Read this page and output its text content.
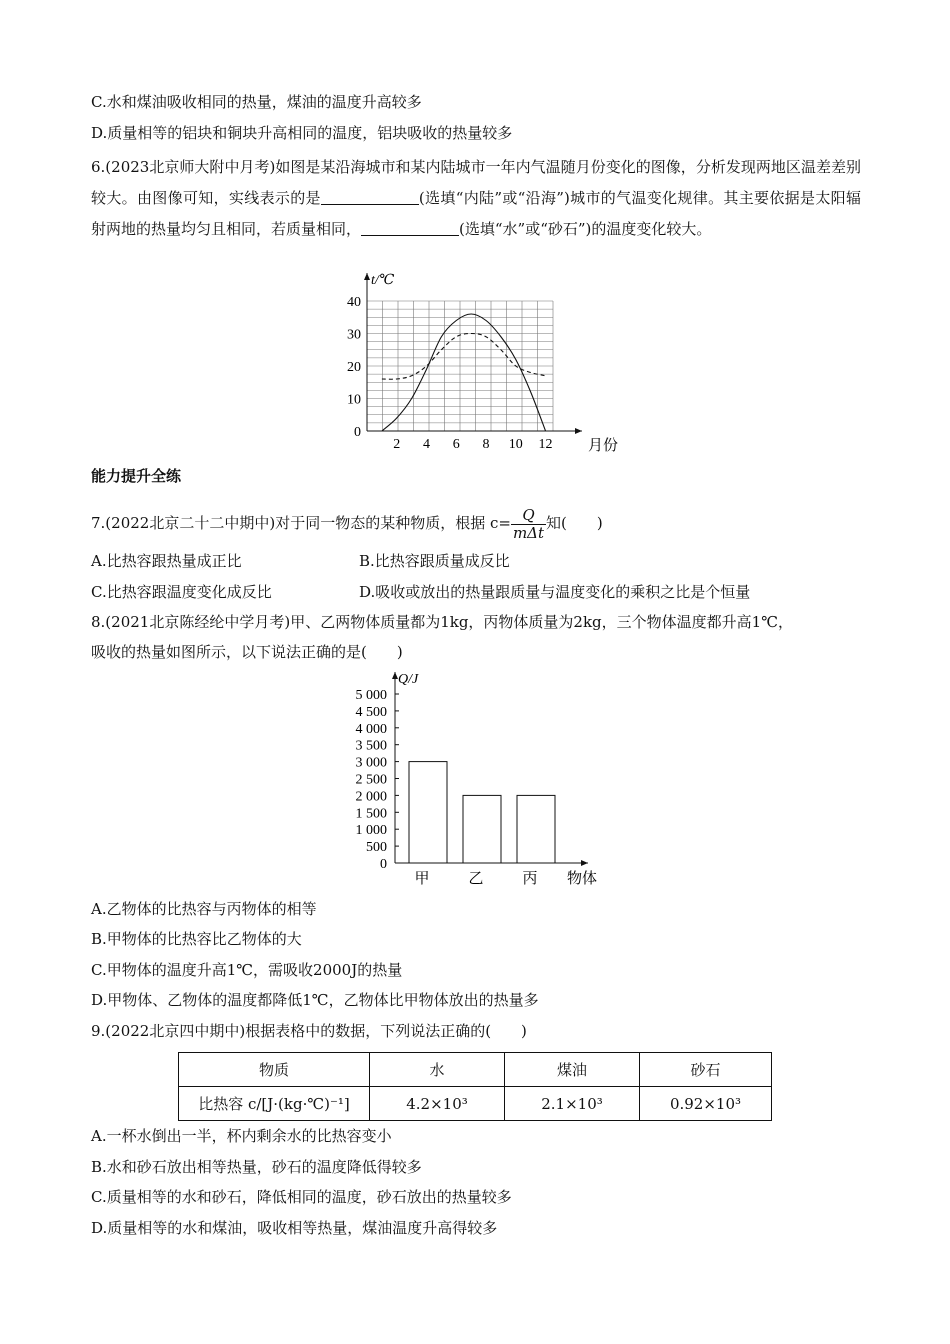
C.水和煤油吸收相同的热量，煤油的温度升高较多
D.质量相等的铝块和铜块升高相同的温度，铝块吸收的热量较多
6.(2023北京师大附中月考)如图是某沿海城市和某内陆城市一年内气温随月份变化的图像，分析发现两地区温差差别较大。由图像可知，实线表示的是	(选填“内陆”或“沿海”)城市的气温变化规律。其主要依据是太阳辐射两地的热量均匀且相同，若质量相同，	(选填“水”或“砂石”)的温度变化较大。
0
10
20
30
40
2 4 6 8 10 12 月份
t/℃
能力提升全练
7.(2022北京二十二中期中)对于同一物态的某种物质，根据 $c= \frac{Q}{\text{mΔt}}$ 知( )
A.比热容跟热量成正比	B.比热容跟质量成反比
C.比热容跟温度变化成反比	D.吸收或放出的热量跟质量与温度变化的乘积之比是个恒量
8.(2021北京陈经纶中学月考)甲、乙两物体质量都为1kg，丙物体质量为2kg，三个物体温度都升高1℃，
吸收的热量如图所示，以下说法正确的是( )
0
500
1 000
1 500
2 000
2 500
3 000
3 500
4 000
4 500
5 000
Q/J
甲	乙	丙 物体
A.乙物体的比热容与丙物体的相等
B.甲物体的比热容比乙物体的大
C.甲物体的温度升高1℃，需吸收2000J的热量
D.甲物体、乙物体的温度都降低1℃，乙物体比甲物体放出的热量多
9.(2022北京四中期中)根据表格中的数据，下列说法正确的( )
物质	水	煤油	砂石
比热容 c/[J·(kg·℃)⁻¹]	4.2×10³	2.1×10³	0.92×10³
A.一杯水倒出一半，杯内剩余水的比热容变小
B.水和砂石放出相等热量，砂石的温度降低得较多
C.质量相等的水和砂石，降低相同的温度，砂石放出的热量较多
D.质量相等的水和煤油，吸收相等热量，煤油温度升高得较多
